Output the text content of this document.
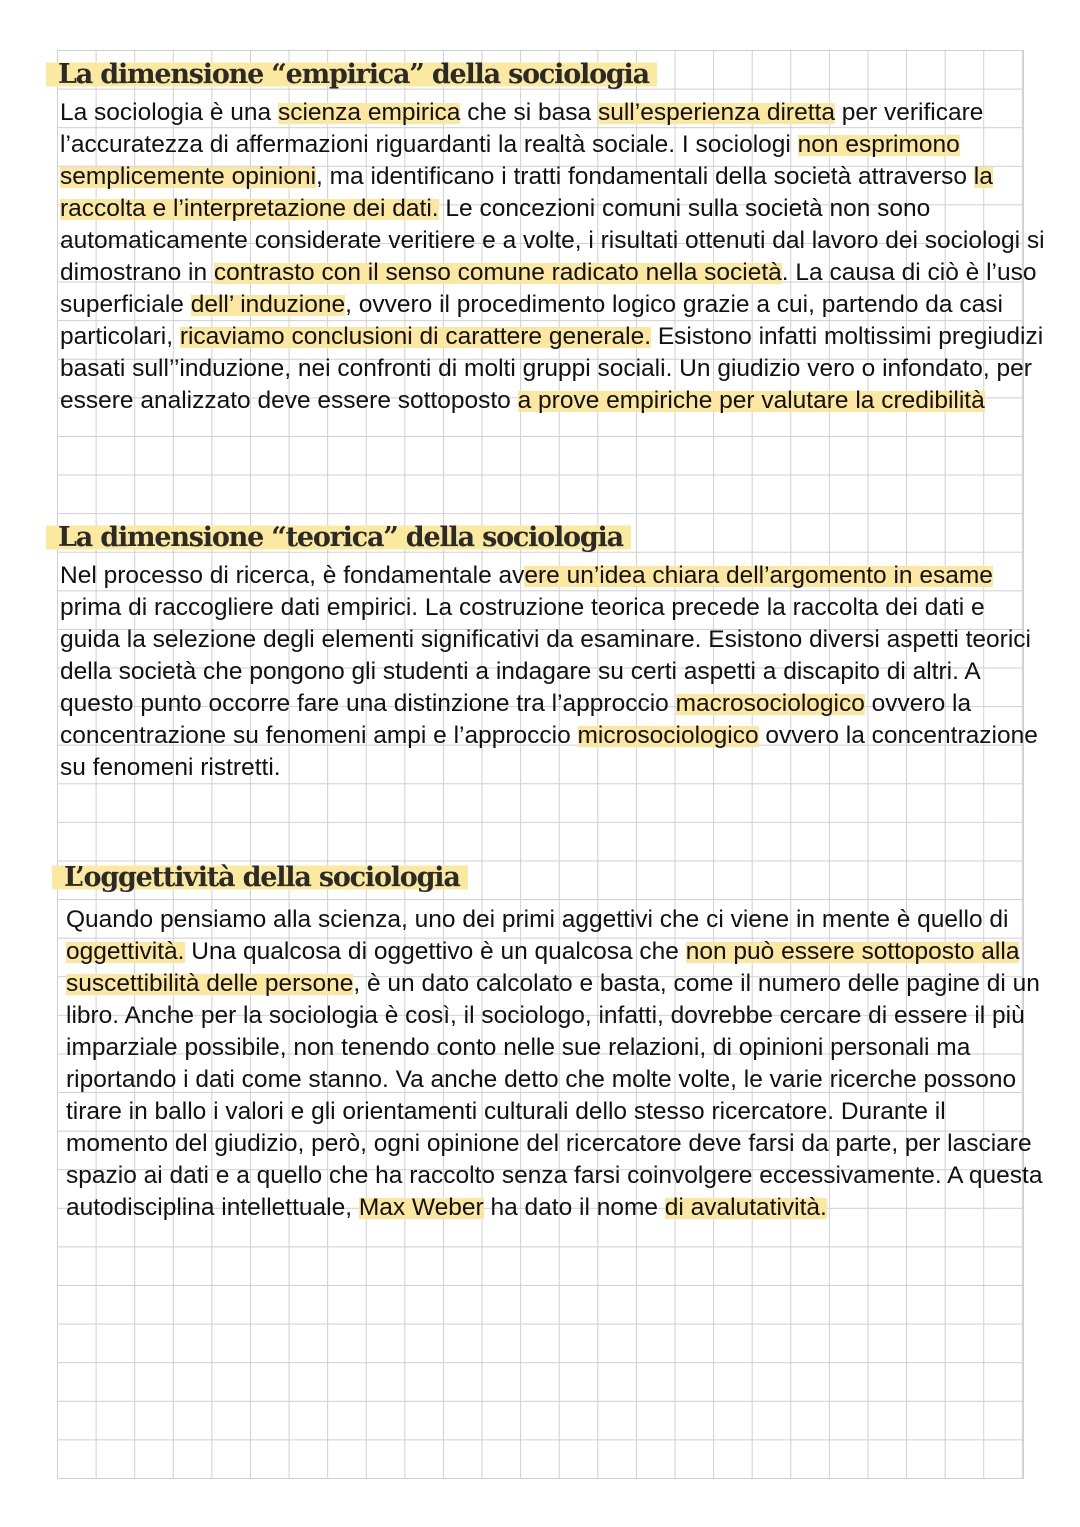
La dimensione “empirica” della sociologia

La sociologia è una scienza empirica che si basa sull’esperienza diretta per verificare l’accuratezza di affermazioni riguardanti la realtà sociale. I sociologi non esprimono semplicemente opinioni, ma identificano i tratti fondamentali della società attraverso la raccolta e l’interpretazione dei dati. Le concezioni comuni sulla società non sono automaticamente considerate veritiere e a volte, i risultati ottenuti dal lavoro dei sociologi si dimostrano in contrasto con il senso comune radicato nella società. La causa di ciò è l’uso superficiale dell’ induzione, ovvero il procedimento logico grazie a cui, partendo da casi particolari, ricaviamo conclusioni di carattere generale. Esistono infatti moltissimi pregiudizi basati sull’’induzione, nei confronti di molti gruppi sociali. Un giudizio vero o infondato, per essere analizzato deve essere sottoposto a prove empiriche per valutare la credibilità

La dimensione “teorica” della sociologia

Nel processo di ricerca, è fondamentale avere un’idea chiara dell’argomento in esame prima di raccogliere dati empirici. La costruzione teorica precede la raccolta dei dati e guida la selezione degli elementi significativi da esaminare. Esistono diversi aspetti teorici della società che pongono gli studenti a indagare su certi aspetti a discapito di altri. A questo punto occorre fare una distinzione tra l’approccio macrosociologico ovvero la concentrazione su fenomeni ampi e l’approccio microsociologico ovvero la concentrazione su fenomeni ristretti.

L’oggettività della sociologia

Quando pensiamo alla scienza, uno dei primi aggettivi che ci viene in mente è quello di oggettività. Una qualcosa di oggettivo è un qualcosa che non può essere sottoposto alla suscettibilità delle persone, è un dato calcolato e basta, come il numero delle pagine di un libro. Anche per la sociologia è così, il sociologo, infatti, dovrebbe cercare di essere il più imparziale possibile, non tenendo conto nelle sue relazioni, di opinioni personali ma riportando i dati come stanno. Va anche detto che molte volte, le varie ricerche possono tirare in ballo i valori e gli orientamenti culturali dello stesso ricercatore. Durante il momento del giudizio, però, ogni opinione del ricercatore deve farsi da parte, per lasciare spazio ai dati e a quello che ha raccolto senza farsi coinvolgere eccessivamente. A questa autodisciplina intellettuale, Max Weber ha dato il nome di avalutatività.
